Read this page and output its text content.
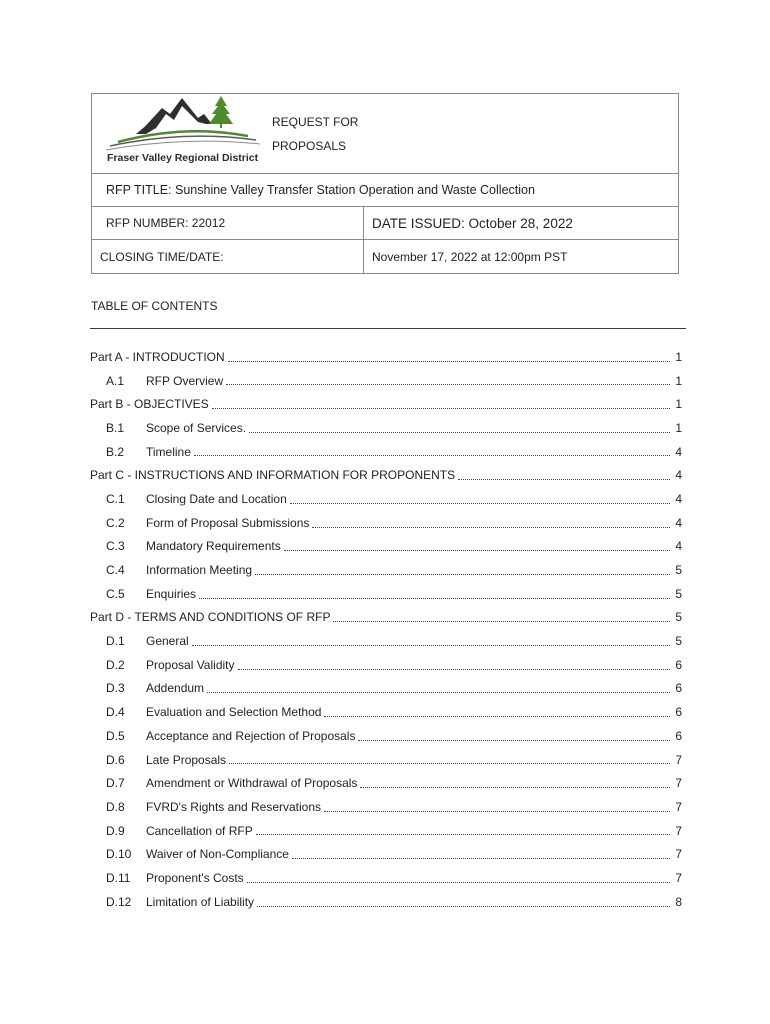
Fraser Valley Regional District
REQUEST FOR
PROPOSALS
RFP TITLE: Sunshine Valley Transfer Station Operation and Waste Collection
RFP NUMBER: 22012	DATE ISSUED: October 28, 2022
CLOSING TIME/DATE:	November 17, 2022 at 12:00pm PST
TABLE OF CONTENTS
Part A - INTRODUCTION	1
A.1	RFP Overview	1
Part B - OBJECTIVES	1
B.1	Scope of Services.	1
B.2	Timeline	4
Part C - INSTRUCTIONS AND INFORMATION FOR PROPONENTS	4
C.1	Closing Date and Location	4
C.2	Form of Proposal Submissions	4
C.3	Mandatory Requirements	4
C.4	Information Meeting	5
C.5	Enquiries	5
Part D - TERMS AND CONDITIONS OF RFP	5
D.1	General	5
D.2	Proposal Validity	6
D.3	Addendum	6
D.4	Evaluation and Selection Method	6
D.5	Acceptance and Rejection of Proposals	6
D.6	Late Proposals	7
D.7	Amendment or Withdrawal of Proposals	7
D.8	FVRD's Rights and Reservations	7
D.9	Cancellation of RFP	7
D.10	Waiver of Non-Compliance	7
D.11	Proponent's Costs	7
D.12	Limitation of Liability	8
